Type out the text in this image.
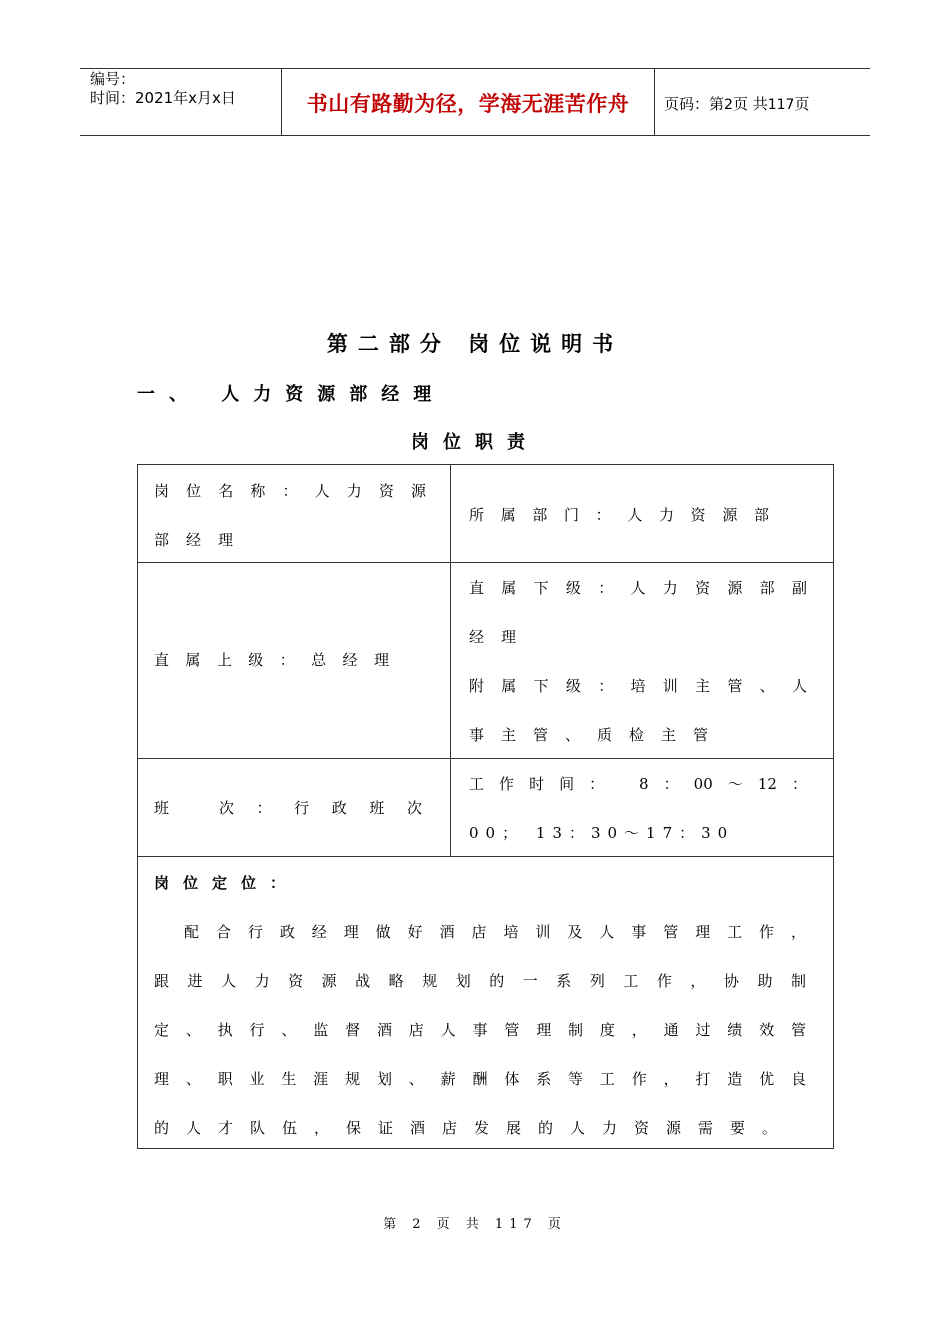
编号：
时间：2021年x月x日	书山有路勤为径，学海无涯苦作舟	页码：第2页 共117页
第二部分 岗位说明书
一、 人力资源部经理
岗位职责
岗位名称：人力资源
部经理
所属部门：人力资源部
直属上级：总经理
直属下级：人力资源部副
经理
附属下级：培训主管、人
事主管、质检主管
班 次：行政班次
工作时间： 8：00～12：
00； 13：30～17：30
岗位定位：
配合行政经理做好酒店培训及人事管理工作，
跟进人力资源战略规划的一系列工作，协助制
定、执行、监督酒店人事管理制度，通过绩效管
理、职业生涯规划、薪酬体系等工作，打造优良
的人才队伍，保证酒店发展的人力资源需要。
第 2 页 共 117 页
